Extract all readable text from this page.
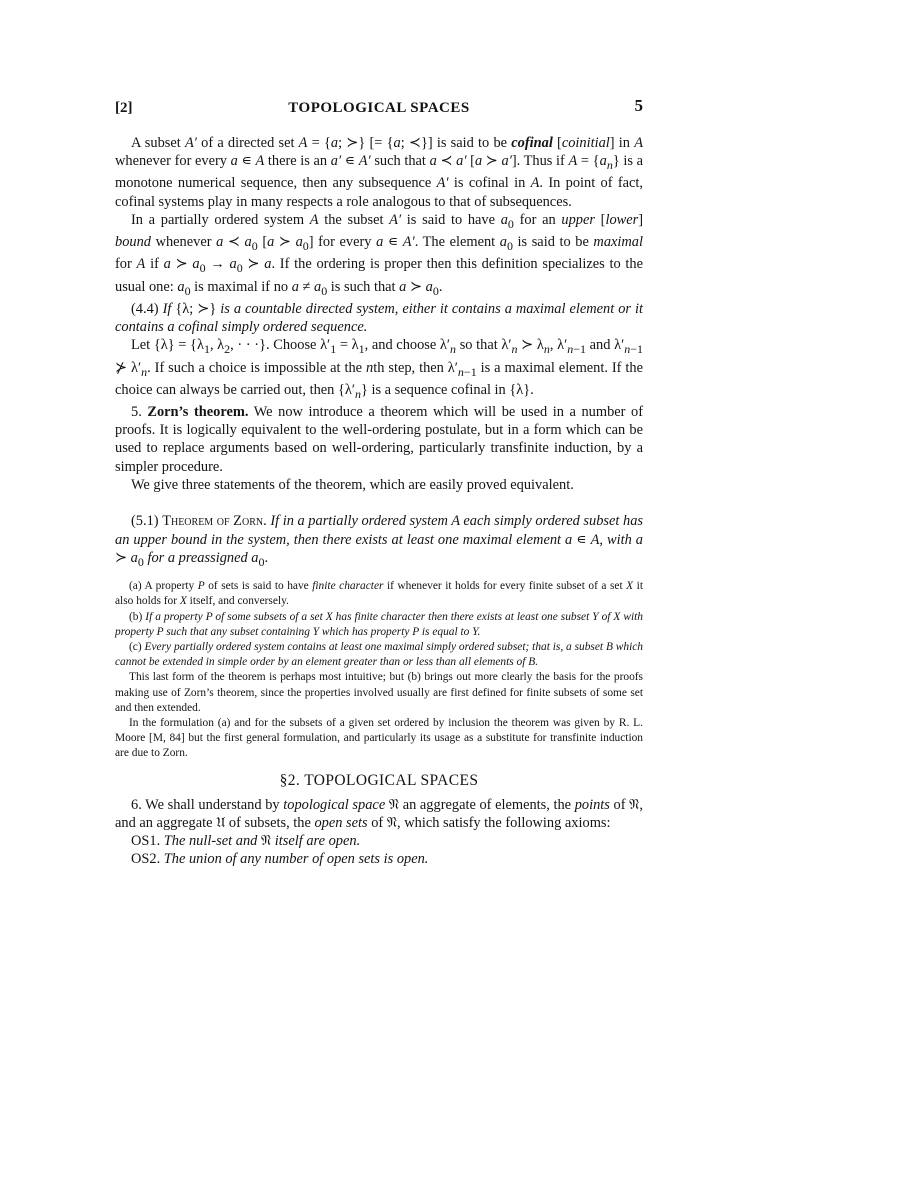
[2]	TOPOLOGICAL SPACES	5

A subset A′ of a directed set A = {a; ≻} [= {a; ≺}] is said to be cofinal [coinitial] in A whenever for every a ∊ A there is an a′ ∊ A′ such that a ≺ a′ [a ≻ a′]. Thus if $A = \{a_n\}$ is a monotone numerical sequence, then any subsequence A′ is cofinal in A. In point of fact, cofinal systems play in many respects a role analogous to that of subsequences.

In a partially ordered system A the subset A′ is said to have $a_0$ for an upper [lower] bound whenever a ≺ $a_0$ [a ≻ $a_0$] for every a ∊ A′. The element $a_0$ is said to be maximal for A if a ≻ $a_0 \to a_0$ ≻ a. If the ordering is proper then this definition specializes to the usual one: $a_0$ is maximal if no $a \ne a_0$ is such that a ≻ $a_0$.

(4.4) If {λ; ≻} is a countable directed system, either it contains a maximal element or it contains a cofinal simply ordered sequence.

Let $\{\lambda\} = \{\lambda_1$, $\lambda_2$, · · ·}. Choose $\lambda'_1 = \lambda_1$, and choose $\lambda'_n$ so that $\lambda'_n$ ≻ $\lambda_n$, $\lambda'_{n-1}$ and $\lambda'_{n-1}$ ⊁ $\lambda'_n$. If such a choice is impossible at the nth step, then $\lambda'_{n-1}$ is a maximal element. If the choice can always be carried out, then $\{\lambda'_n\}$ is a sequence cofinal in {λ}.

5. Zorn’s theorem. We now introduce a theorem which will be used in a number of proofs. It is logically equivalent to the well-ordering postulate, but in a form which can be used to replace arguments based on well-ordering, particularly transfinite induction, by a simpler procedure.

We give three statements of the theorem, which are easily proved equivalent.

(5.1) Theorem of Zorn. If in a partially ordered system A each simply ordered subset has an upper bound in the system, then there exists at least one maximal element a ∊ A, with a ≻ $a_0$ for a preassigned $a_0$.

(a) A property P of sets is said to have finite character if whenever it holds for every finite subset of a set X it also holds for X itself, and conversely.

(b) If a property P of some subsets of a set X has finite character then there exists at least one subset Y of X with property P such that any subset containing Y which has property P is equal to Y.

(c) Every partially ordered system contains at least one maximal simply ordered subset; that is, a subset B which cannot be extended in simple order by an element greater than or less than all elements of B.

This last form of the theorem is perhaps most intuitive; but (b) brings out more clearly the basis for the proofs making use of Zorn’s theorem, since the properties involved usually are first defined for finite subsets of some set and then extended.

In the formulation (a) and for the subsets of a given set ordered by inclusion the theorem was given by R. L. Moore [M, 84] but the first general formulation, and particularly its usage as a substitute for transfinite induction are due to Zorn.

§2. TOPOLOGICAL SPACES

6. We shall understand by topological space 𝔑 an aggregate of elements, the points of 𝔑, and an aggregate 𝔘 of subsets, the open sets of 𝔑, which satisfy the following axioms:

OS1. The null-set and 𝔑 itself are open.

OS2. The union of any number of open sets is open.
